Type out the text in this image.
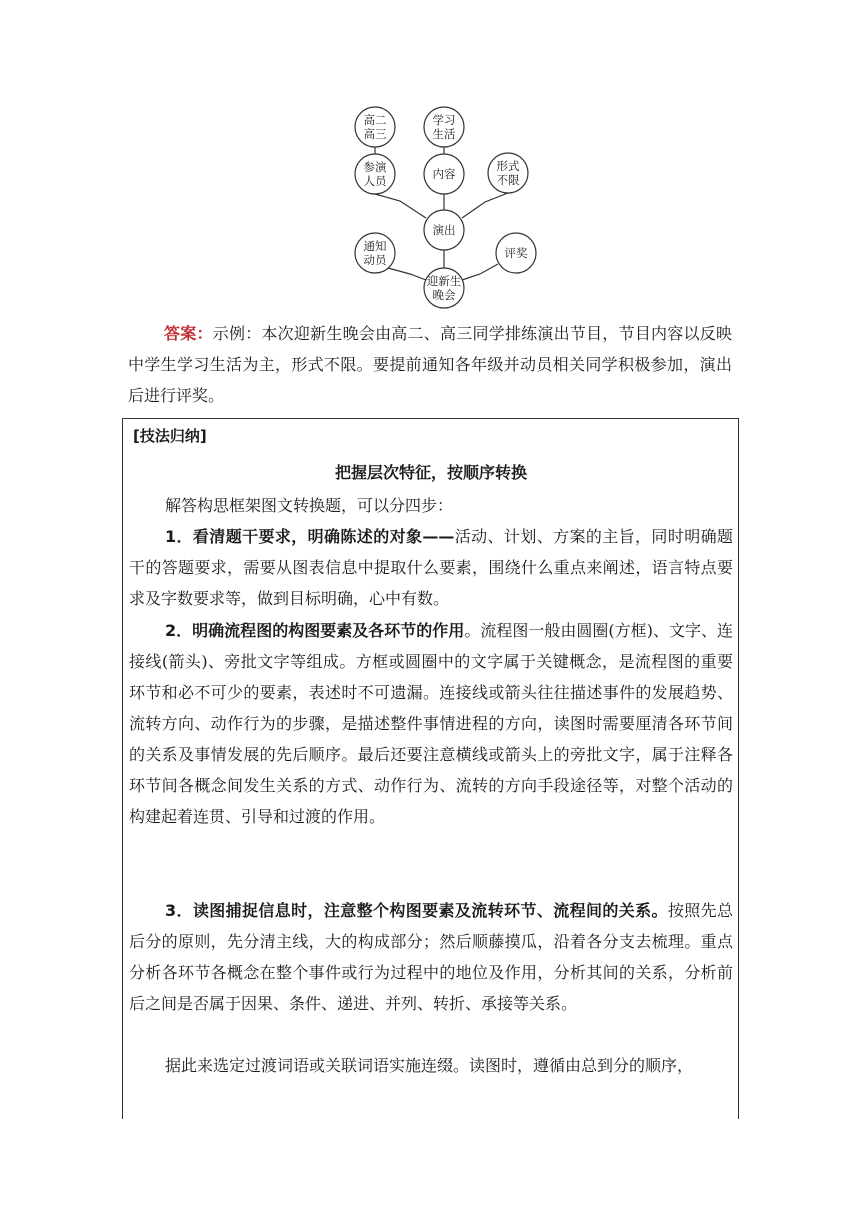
高二
高三
学习
生活
参演
人员	内容
形式
不限
演出
通知
动员	评奖
迎新生
晚会
答案：示例：本次迎新生晚会由高二、高三同学排练演出节目，节目内容以反映中学生学习生活为主，形式不限。要提前通知各年级并动员相关同学积极参加，演出后进行评奖。
[技法归纳]
把握层次特征，按顺序转换
解答构思框架图文转换题，可以分四步：
1．看清题干要求，明确陈述的对象——活动、计划、方案的主旨，同时明确题干的答题要求，需要从图表信息中提取什么要素，围绕什么重点来阐述，语言特点要求及字数要求等，做到目标明确，心中有数。
2．明确流程图的构图要素及各环节的作用。流程图一般由圆圈(方框)、文字、连接线(箭头)、旁批文字等组成。方框或圆圈中的文字属于关键概念，是流程图的重要环节和必不可少的要素，表述时不可遗漏。连接线或箭头往往描述事件的发展趋势、流转方向、动作行为的步骤，是描述整件事情进程的方向，读图时需要厘清各环节间的关系及事情发展的先后顺序。最后还要注意横线或箭头上的旁批文字，属于注释各环节间各概念间发生关系的方式、动作行为、流转的方向手段途径等，对整个活动的构建起着连贯、引导和过渡的作用。
3．读图捕捉信息时，注意整个构图要素及流转环节、流程间的关系。按照先总后分的原则，先分清主线，大的构成部分；然后顺藤摸瓜，沿着各分支去梳理。重点分析各环节各概念在整个事件或行为过程中的地位及作用，分析其间的关系，分析前后之间是否属于因果、条件、递进、并列、转折、承接等关系。
据此来选定过渡词语或关联词语实施连缀。读图时，遵循由总到分的顺序，
